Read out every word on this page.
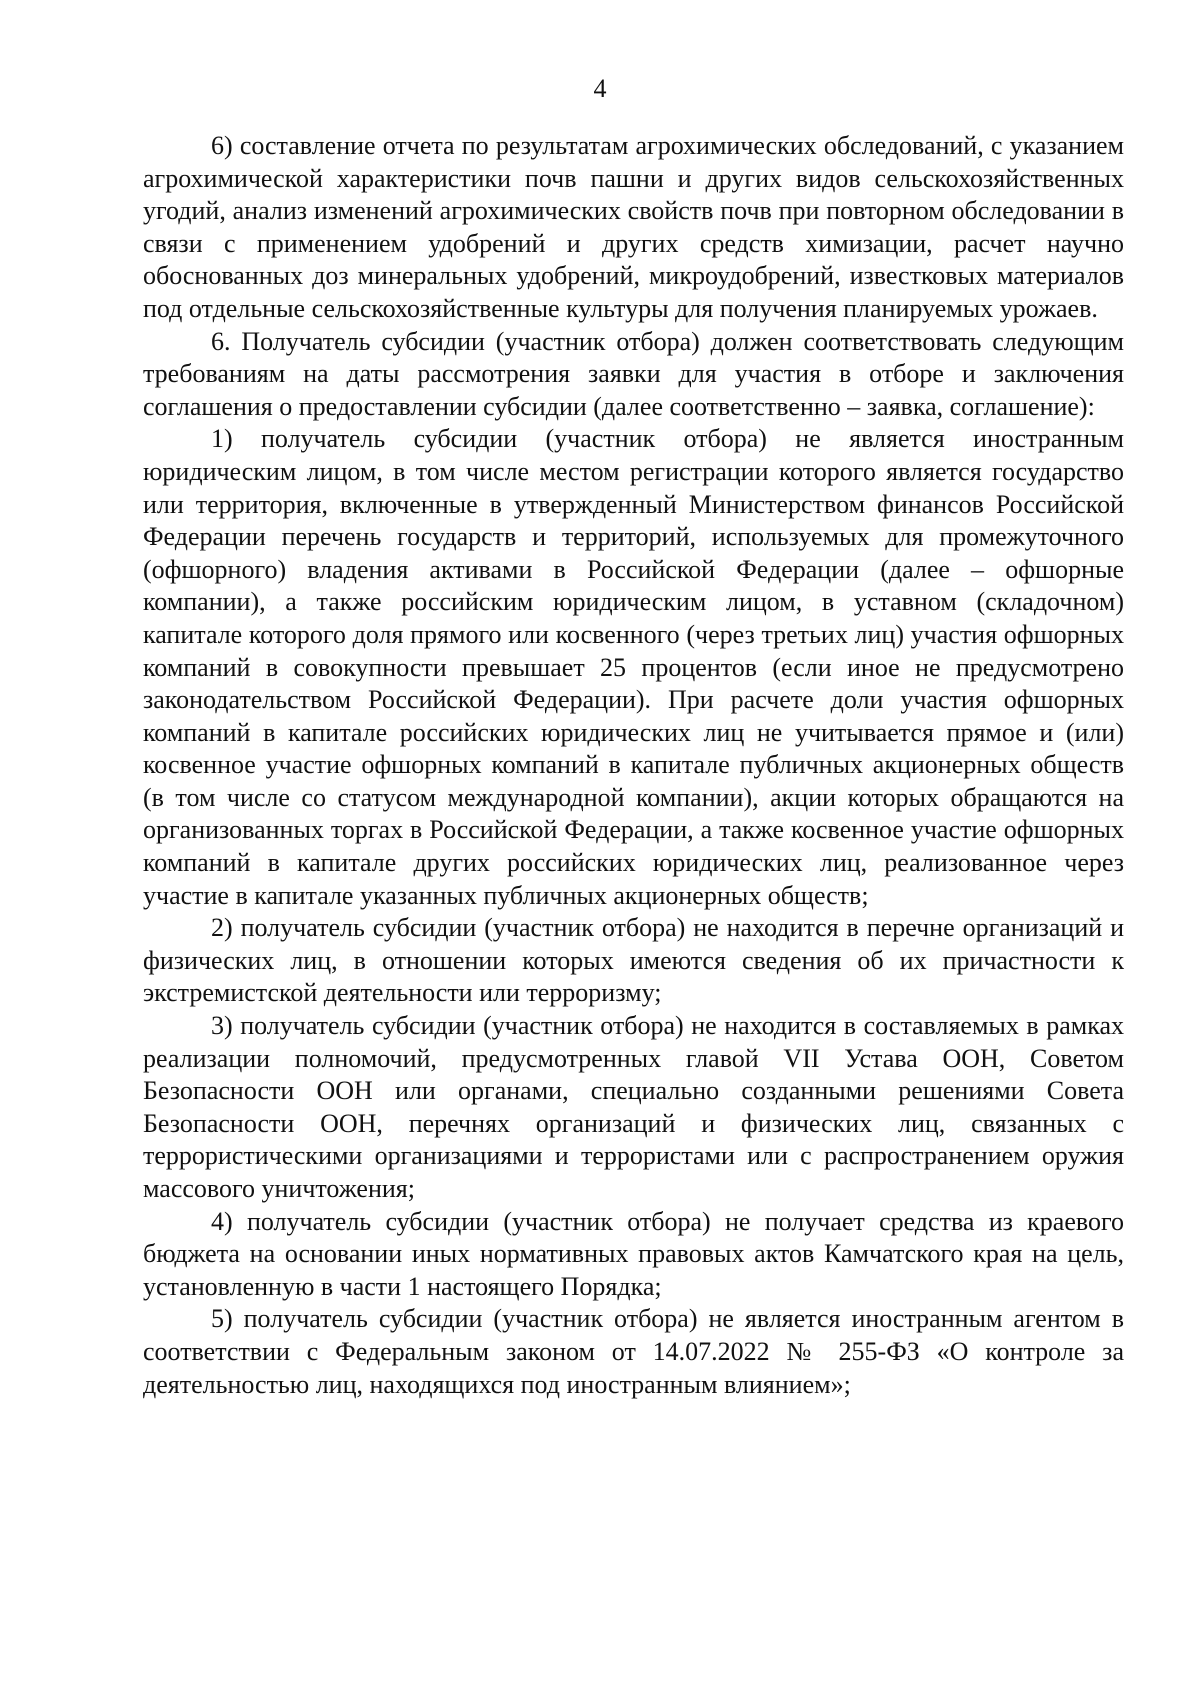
4

6) составление отчета по результатам агрохимических обследований, с указанием агрохимической характеристики почв пашни и других видов сельскохозяйственных угодий, анализ изменений агрохимических свойств почв при повторном обследовании в связи с применением удобрений и других средств химизации, расчет научно обоснованных доз минеральных удобрений, микроудобрений, известковых материалов под отдельные сельскохозяйственные культуры для получения планируемых урожаев.

6. Получатель субсидии (участник отбора) должен соответствовать следующим требованиям на даты рассмотрения заявки для участия в отборе и заключения соглашения о предоставлении субсидии (далее соответственно – заявка, соглашение):

1) получатель субсидии (участник отбора) не является иностранным юридическим лицом, в том числе местом регистрации которого является государство или территория, включенные в утвержденный Министерством финансов Российской Федерации перечень государств и территорий, используемых для промежуточного (офшорного) владения активами в Российской Федерации (далее – офшорные компании), а также российским юридическим лицом, в уставном (складочном) капитале которого доля прямого или косвенного (через третьих лиц) участия офшорных компаний в совокупности превышает 25 процентов (если иное не предусмотрено законодательством Российской Федерации). При расчете доли участия офшорных компаний в капитале российских юридических лиц не учитывается прямое и (или) косвенное участие офшорных компаний в капитале публичных акционерных обществ (в том числе со статусом международной компании), акции которых обращаются на организованных торгах в Российской Федерации, а также косвенное участие офшорных компаний в капитале других российских юридических лиц, реализованное через участие в капитале указанных публичных акционерных обществ;

2) получатель субсидии (участник отбора) не находится в перечне организаций и физических лиц, в отношении которых имеются сведения об их причастности к экстремистской деятельности или терроризму;

3) получатель субсидии (участник отбора) не находится в составляемых в рамках реализации полномочий, предусмотренных главой VII Устава ООН, Советом Безопасности ООН или органами, специально созданными решениями Совета Безопасности ООН, перечнях организаций и физических лиц, связанных с террористическими организациями и террористами или с распространением оружия массового уничтожения;

4) получатель субсидии (участник отбора) не получает средства из краевого бюджета на основании иных нормативных правовых актов Камчатского края на цель, установленную в части 1 настоящего Порядка;

5) получатель субсидии (участник отбора) не является иностранным агентом в соответствии с Федеральным законом от 14.07.2022 № 255-ФЗ «О контроле за деятельностью лиц, находящихся под иностранным влиянием»;
